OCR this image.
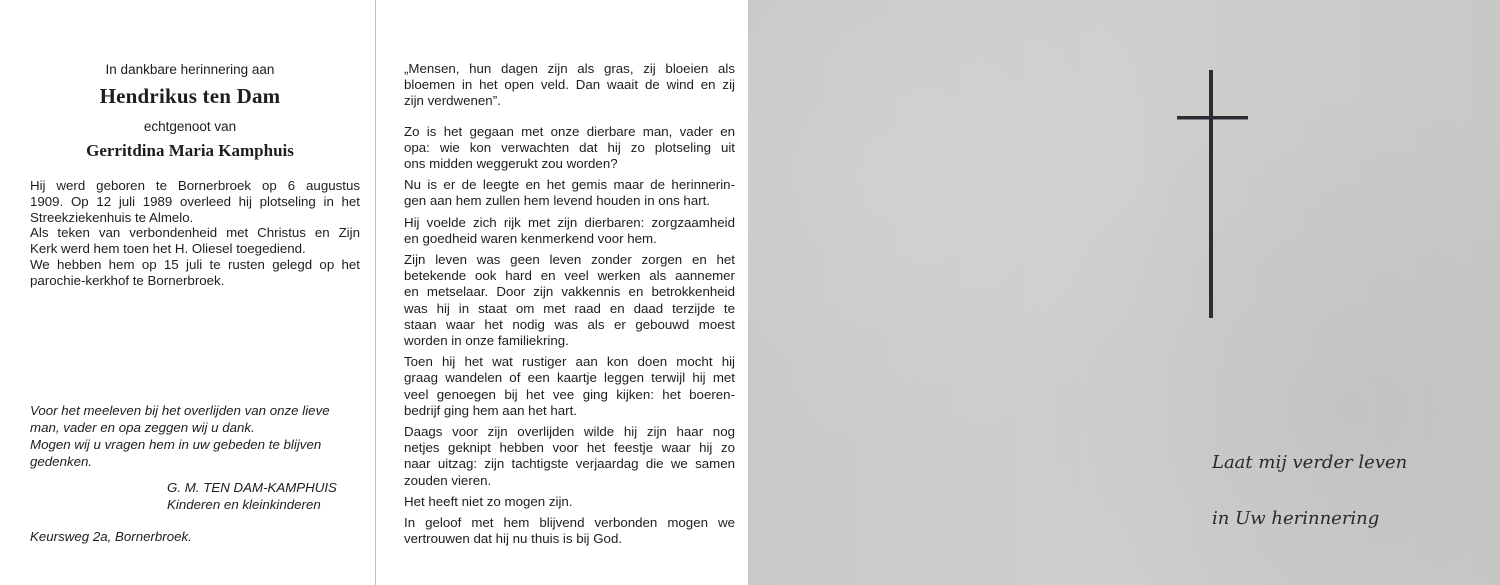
In dankbare herinnering aan
Hendrikus ten Dam
echtgenoot van
Gerritdina Maria Kamphuis

Hij werd geboren te Bornerbroek op 6 augustus
1909. Op 12 juli 1989 overleed hij plotseling in het
Streekziekenhuis te Almelo.

Als teken van verbondenheid met Christus en Zijn
Kerk werd hem toen het H. Oliesel toegediend.

We hebben hem op 15 juli te rusten gelegd op het
parochie-kerkhof te Bornerbroek.

Voor het meeleven bij het overlijden van onze lieve
man, vader en opa zeggen wij u dank.
Mogen wij u vragen hem in uw gebeden te blijven
gedenken.
G. M. TEN DAM-KAMPHUIS
Kinderen en kleinkinderen
Keursweg 2a, Bornerbroek.
„Mensen, hun dagen zijn als gras, zij bloeien als
bloemen in het open veld. Dan waait de wind en zij
zijn verdwenen”.
Zo is het gegaan met onze dierbare man, vader en
opa: wie kon verwachten dat hij zo plotseling uit
ons midden weggerukt zou worden?
Nu is er de leegte en het gemis maar de herinnerin-
gen aan hem zullen hem levend houden in ons hart.
Hij voelde zich rijk met zijn dierbaren: zorgzaamheid
en goedheid waren kenmerkend voor hem.
Zijn leven was geen leven zonder zorgen en het
betekende ook hard en veel werken als aannemer
en metselaar. Door zijn vakkennis en betrokkenheid
was hij in staat om met raad en daad terzijde te
staan waar het nodig was als er gebouwd moest
worden in onze familiekring.
Toen hij het wat rustiger aan kon doen mocht hij
graag wandelen of een kaartje leggen terwijl hij met
veel genoegen bij het vee ging kijken: het boeren-
bedrijf ging hem aan het hart.
Daags voor zijn overlijden wilde hij zijn haar nog
netjes geknipt hebben voor het feestje waar hij zo
naar uitzag: zijn tachtigste verjaardag die we samen
zouden vieren.
Het heeft niet zo mogen zijn.
In geloof met hem blijvend verbonden mogen we
vertrouwen dat hij nu thuis is bij God.
Laat mij verder leven
in Uw herinnering
